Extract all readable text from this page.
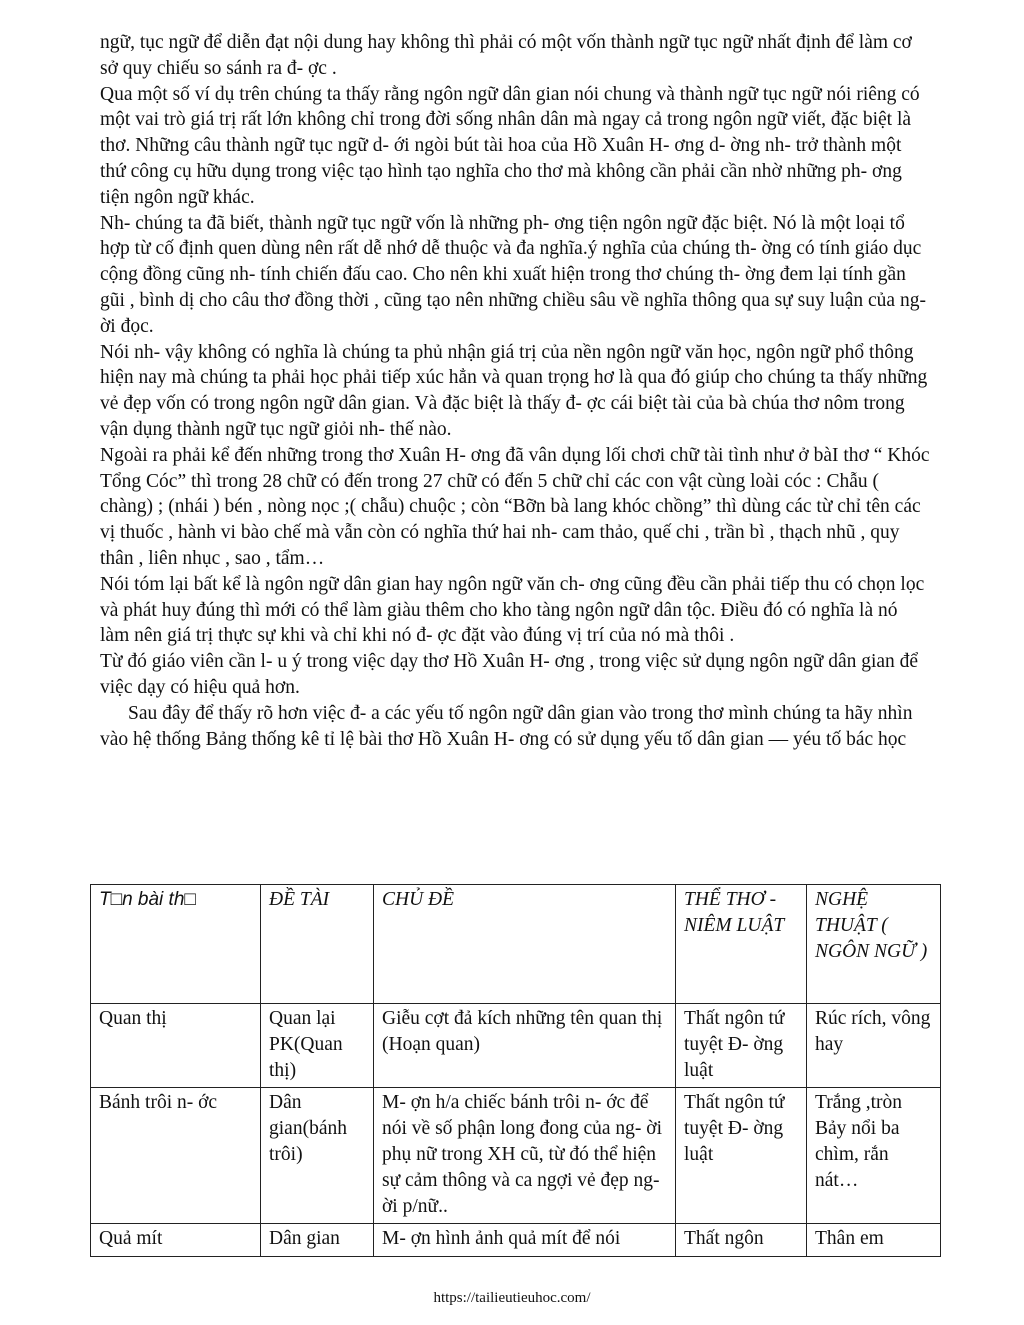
ngữ, tục ngữ để diễn đạt nội dung hay không thì phải có một vốn thành ngữ tục ngữ nhất định để làm cơ sở quy chiếu so sánh ra đ- ợc .

Qua một số ví dụ trên chúng ta thấy rằng ngôn ngữ dân gian nói chung và thành ngữ tục ngữ nói riêng có một vai trò giá trị rất lớn không chỉ trong đời sống nhân dân mà ngay cả trong ngôn ngữ viết, đặc biệt là thơ. Những câu thành ngữ tục ngữ d- ới ngòi bút tài hoa của Hồ Xuân H- ơng d- ờng nh- trở thành một thứ công cụ hữu dụng trong việc tạo hình tạo nghĩa cho thơ mà không cần phải cần nhờ những ph- ơng tiện ngôn ngữ khác.

Nh- chúng ta đã biết, thành ngữ tục ngữ vốn là những ph- ơng tiện ngôn ngữ đặc biệt. Nó là một loại tổ hợp từ cố định quen dùng nên rất dễ nhớ dễ thuộc và đa nghĩa.ý nghĩa của chúng th- ờng có tính giáo dục cộng đồng cũng nh- tính chiến đấu cao. Cho nên khi xuất hiện trong thơ chúng th- ờng đem lại tính gần gũi , bình dị cho câu thơ đồng thời , cũng tạo nên những chiều sâu về nghĩa thông qua sự suy luận của ng- ời đọc.

Nói nh- vậy không có nghĩa là chúng ta phủ nhận giá trị của nền ngôn ngữ văn học, ngôn ngữ phổ thông hiện nay mà chúng ta phải học phải tiếp xúc hẳn và quan trọng hơ là qua đó giúp cho chúng ta thấy những vẻ đẹp vốn có trong ngôn ngữ dân gian. Và đặc biệt là thấy đ- ợc cái biệt tài của bà chúa thơ nôm trong vận dụng thành ngữ tục ngữ giỏi nh- thế nào.

Ngoài ra phải kể đến những trong thơ Xuân H- ơng đã vân dụng lối chơi chữ tài tình như ở bàI thơ “ Khóc Tổng Cóc” thì trong 28 chữ có đến trong 27 chữ có đến 5 chữ chỉ các con vật cùng loài cóc : Chẫu ( chàng) ; (nhái ) bén , nòng nọc ;( chẫu) chuộc ; còn “Bỡn bà lang khóc chồng” thì dùng các từ chỉ tên các vị thuốc , hành vi bào chế mà vẫn còn có nghĩa thứ hai nh- cam thảo, quế chi , trần bì , thạch nhũ , quy thân , liên nhục , sao , tẩm…

Nói tóm lại bất kể là ngôn ngữ dân gian hay ngôn ngữ văn ch- ơng cũng đều cần phải tiếp thu có chọn lọc và phát huy đúng thì mới có thể làm giàu thêm cho kho tàng ngôn ngữ dân tộc. Điều đó có nghĩa là nó làm nên giá trị thực sự khi và chỉ khi nó đ- ợc đặt vào đúng vị trí của nó mà thôi .

Từ đó giáo viên cần l- u ý trong việc dạy thơ Hồ Xuân H- ơng , trong việc sử dụng ngôn ngữ dân gian để việc dạy có hiệu quả hơn.

Sau đây để thấy rõ hơn việc đ- a các yếu tố ngôn ngữ dân gian vào trong thơ mình chúng ta hãy nhìn vào hệ thống Bảng thống kê tỉ lệ bài thơ Hồ Xuân H- ơng có sử dụng yếu tố dân gian — yéu tố bác học

T□n bài th□	ĐỀ TÀI	CHỦ ĐỀ	THỂ THƠ - NIÊM LUẬT	NGHỆ THUẬT ( NGÔN NGỮ )
Quan thị	Quan lại PK(Quan thị)	Giễu cợt đả kích những tên quan thị (Hoạn quan)	Thất ngôn tứ tuyệt Đ- ờng luật	Rúc rích, vông hay
Bánh trôi n- ớc	Dân gian(bánh trôi)	M- ợn h/a chiếc bánh trôi n- ớc để nói về số phận long đong của ng- ời phụ nữ trong XH cũ, từ đó thể hiện sự cảm thông và ca ngợi vẻ đẹp ng- ời p/nữ..	Thất ngôn tứ tuyệt Đ- ờng luật	Trắng ,tròn Bảy nổi ba chìm, rắn nát…

Quả mít	Dân gian	M- ợn hình ảnh quả mít để nói	Thất ngôn	Thân em
https://tailieutieuhoc.com/
